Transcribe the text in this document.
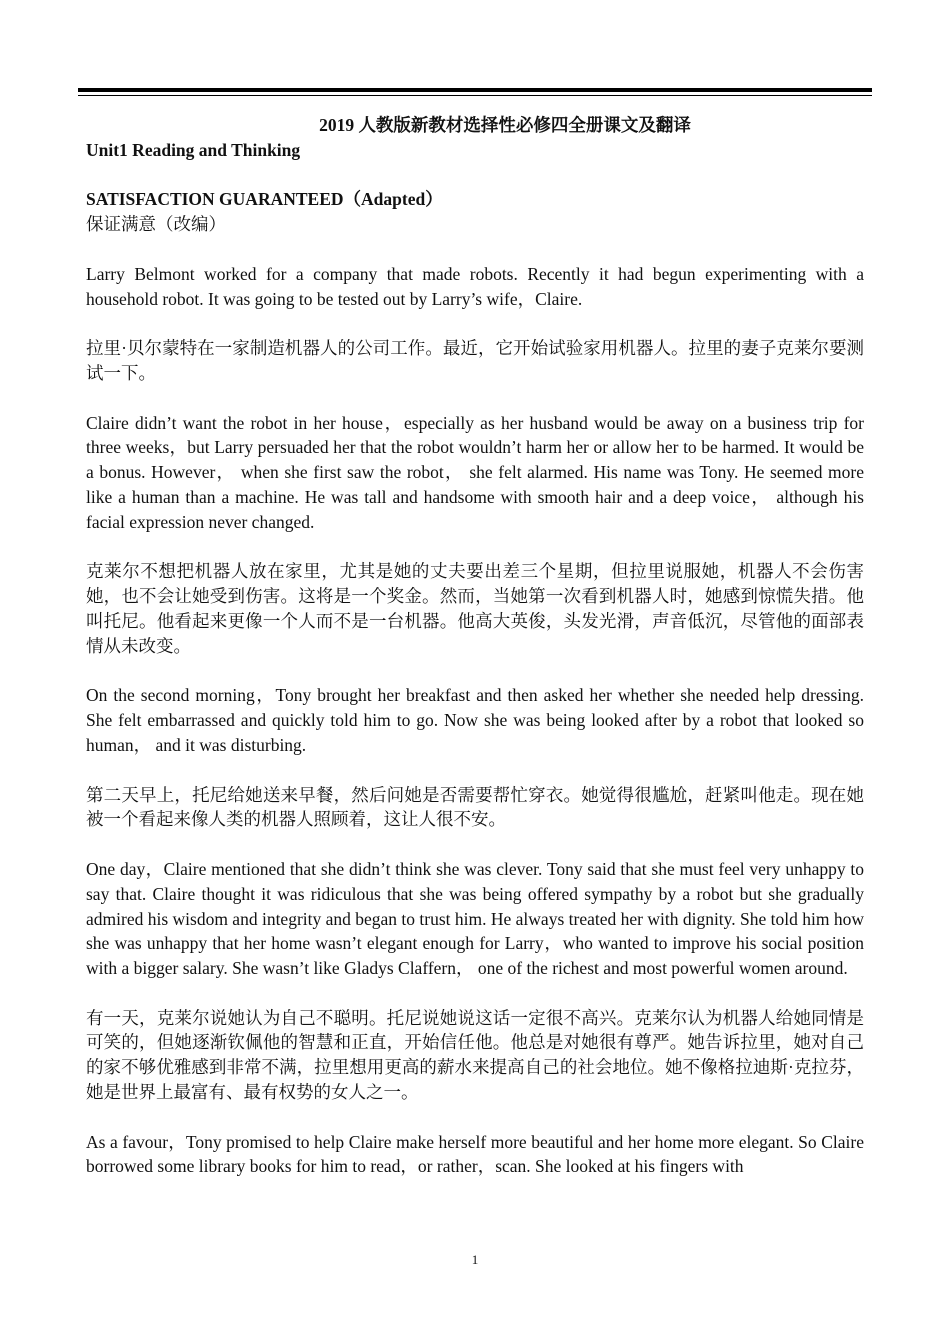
2019 人教版新教材选择性必修四全册课文及翻译

Unit1 Reading and Thinking

SATISFACTION GUARANTEED（Adapted）

保证满意（改编）

Larry Belmont worked for a company that made robots. Recently it had begun experimenting with a household robot. It was going to be tested out by Larry’s wife，Claire.

拉里·贝尔蒙特在一家制造机器人的公司工作。最近，它开始试验家用机器人。拉里的妻子克莱尔要测试一下。

Claire didn’t want the robot in her house，especially as her husband would be away on a business trip for three weeks，but Larry persuaded her that the robot wouldn’t harm her or allow her to be harmed. It would be a bonus. However， when she first saw the robot， she felt alarmed. His name was Tony. He seemed more like a human than a machine. He was tall and handsome with smooth hair and a deep voice， although his facial expression never changed.

克莱尔不想把机器人放在家里，尤其是她的丈夫要出差三个星期，但拉里说服她，机器人不会伤害她，也不会让她受到伤害。这将是一个奖金。然而，当她第一次看到机器人时，她感到惊慌失措。他叫托尼。他看起来更像一个人而不是一台机器。他高大英俊，头发光滑，声音低沉，尽管他的面部表情从未改变。

On the second morning，Tony brought her breakfast and then asked her whether she needed help dressing. She felt embarrassed and quickly told him to go. Now she was being looked after by a robot that looked so human， and it was disturbing.

第二天早上，托尼给她送来早餐，然后问她是否需要帮忙穿衣。她觉得很尴尬，赶紧叫他走。现在她被一个看起来像人类的机器人照顾着，这让人很不安。

One day，Claire mentioned that she didn’t think she was clever. Tony said that she must feel very unhappy to say that. Claire thought it was ridiculous that she was being offered sympathy by a robot but she gradually admired his wisdom and integrity and began to trust him. He always treated her with dignity. She told him how she was unhappy that her home wasn’t elegant enough for Larry，who wanted to improve his social position with a bigger salary. She wasn’t like Gladys Claffern， one of the richest and most powerful women around.

有一天，克莱尔说她认为自己不聪明。托尼说她说这话一定很不高兴。克莱尔认为机器人给她同情是可笑的，但她逐渐钦佩他的智慧和正直，开始信任他。他总是对她很有尊严。她告诉拉里，她对自己的家不够优雅感到非常不满，拉里想用更高的薪水来提高自己的社会地位。她不像格拉迪斯·克拉芬，她是世界上最富有、最有权势的女人之一。

As a favour，Tony promised to help Claire make herself more beautiful and her home more elegant. So Claire borrowed some library books for him to read，or rather，scan. She looked at his fingers with

1
